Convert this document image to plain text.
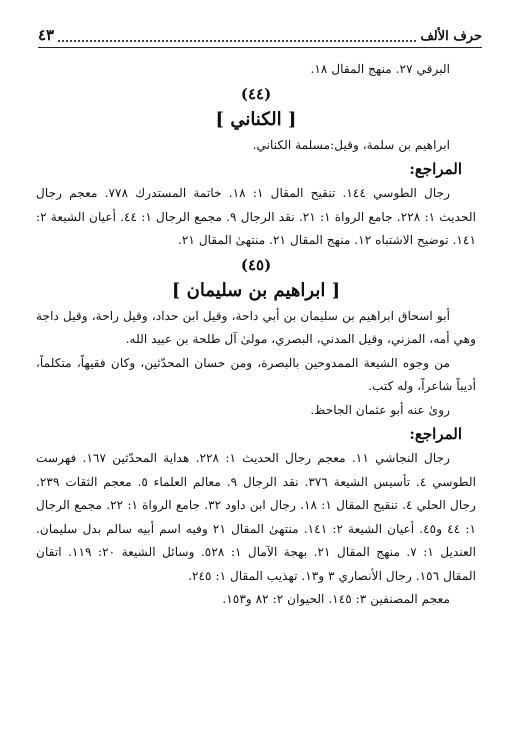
حرف الألف
٤٣

البرقي ٢٧. منهج المقال ١٨.

(٤٤)

[ الكناني ]

ابراهيم بن سلمة، وقيل:مسلمة الكناني.

المراجع:

رجال الطوسي ١٤٤. تنقيح المقال ١: ١٨. خاتمة المستدرك ٧٧٨. معجم رجال الحديث ١: ٢٢٨. جامع الرواة ١: ٢١. نقد الرجال ٩. مجمع الرجال ١: ٤٤. أعيان الشيعة ٢: ١٤١. توضيح الاشتباه ١٢. منهج المقال ٢١. منتهىٰ المقال ٢١.

(٤٥)

[ ابراهيم بن سليمان ]

أبو اسحاق ابراهيم بن سليمان بن أبي داحة، وقيل ابن حداد، وقيل راحة، وقيل داجة وهي أمه، المزني، وقيل المدني، البصري، مولىٰ آل طلحة بن عبيد الله.

من وجوه الشيعة الممدوحين بالبصرة، ومن حسان المحدّثين، وكان فقيهاً، متكلماً، أديباً شاعراً، وله كتب.

روىٰ عنه أبو عثمان الجاحظ.

المراجع:

رجال النجاشي ١١. معجم رجال الحديث ١: ٢٢٨. هداية المحدّثين ١٦٧. فهرست الطوسي ٤. تأسيس الشيعة ٣٧٦. نقد الرجال ٩. معالم العلماء ٥. معجم الثقات ٢٣٩. رجال الحلي ٤. تنقيح المقال ١: ١٨. رجال ابن داود ٣٢. جامع الرواة ١: ٢٢. مجمع الرجال ١: ٤٤ و٤٥. أعيان الشيعة ٢: ١٤١. منتهىٰ المقال ٢١ وفيه اسم أبيه سالم بدل سليمان. العنديل ١: ٧. منهج المقال ٢١. بهجة الآمال ١: ٥٢٨. وسائل الشيعة ٢٠: ١١٩. اتقان المقال ١٥٦. رجال الأنصاري ٣ و١٣. تهذيب المقال ١: ٢٤٥.

معجم المصنفين ٣: ١٤٥. الحيوان ٢: ٨٢ و١٥٣.
